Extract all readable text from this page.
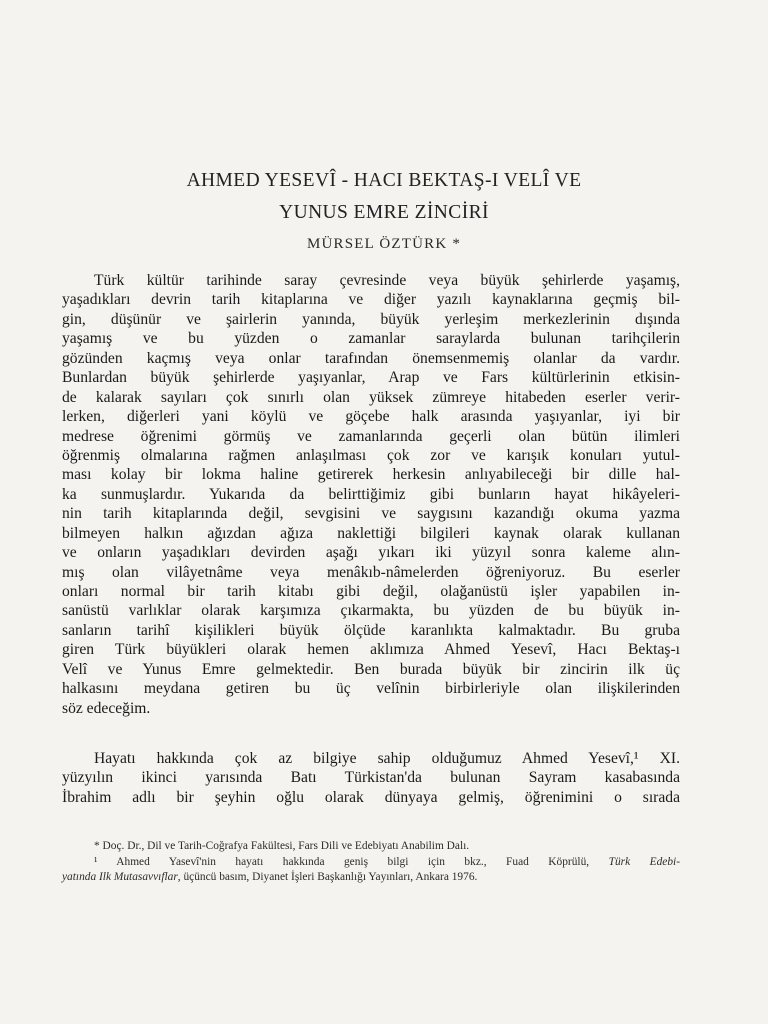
AHMED YESEVÎ - HACI BEKTAŞ-I VELÎ VE
YUNUS EMRE ZİNCİRİ
MÜRSEL ÖZTÜRK *
Türk kültür tarihinde saray çevresinde veya büyük şehirlerde yaşamış,
yaşadıkları devrin tarih kitaplarına ve diğer yazılı kaynaklarına geçmiş bil-
gin, düşünür ve şairlerin yanında, büyük yerleşim merkezlerinin dışında
yaşamış ve bu yüzden o zamanlar saraylarda bulunan tarihçilerin
gözünden kaçmış veya onlar tarafından önemsenmemiş olanlar da vardır.
Bunlardan büyük şehirlerde yaşıyanlar, Arap ve Fars kültürlerinin etkisin-
de kalarak sayıları çok sınırlı olan yüksek zümreye hitabeden eserler verir-
lerken, diğerleri yani köylü ve göçebe halk arasında yaşıyanlar, iyi bir
medrese öğrenimi görmüş ve zamanlarında geçerli olan bütün ilimleri
öğrenmiş olmalarına rağmen anlaşılması çok zor ve karışık konuları yutul-
ması kolay bir lokma haline getirerek herkesin anlıyabileceği bir dille hal-
ka sunmuşlardır. Yukarıda da belirttiğimiz gibi bunların hayat hikâyeleri-
nin tarih kitaplarında değil, sevgisini ve saygısını kazandığı okuma yazma
bilmeyen halkın ağızdan ağıza naklettiği bilgileri kaynak olarak kullanan
ve onların yaşadıkları devirden aşağı yıkarı iki yüzyıl sonra kaleme alın-
mış olan vilâyetnâme veya menâkıb-nâmelerden öğreniyoruz. Bu eserler
onları normal bir tarih kitabı gibi değil, olağanüstü işler yapabilen in-
sanüstü varlıklar olarak karşımıza çıkarmakta, bu yüzden de bu büyük in-
sanların tarihî kişilikleri büyük ölçüde karanlıkta kalmaktadır. Bu gruba
giren Türk büyükleri olarak hemen aklımıza Ahmed Yesevî, Hacı Bektaş-ı
Velî ve Yunus Emre gelmektedir. Ben burada büyük bir zincirin ilk üç
halkasını meydana getiren bu üç velînin birbirleriyle olan ilişkilerinden
söz edeceğim.
Hayatı hakkında çok az bilgiye sahip olduğumuz Ahmed Yesevî,¹ XI.
yüzyılın ikinci yarısında Batı Türkistan'da bulunan Sayram kasabasında
İbrahim adlı bir şeyhin oğlu olarak dünyaya gelmiş, öğrenimini o sırada
* Doç. Dr., Dil ve Tarih-Coğrafya Fakültesi, Fars Dili ve Edebiyatı Anabilim Dalı.
¹ Ahmed Yasevî'nin hayatı hakkında geniş bilgi için bkz., Fuad Köprülü, Türk Edebi-
yatında Ilk Mutasavvıflar, üçüncü basım, Diyanet İşleri Başkanlığı Yayınları, Ankara 1976.
